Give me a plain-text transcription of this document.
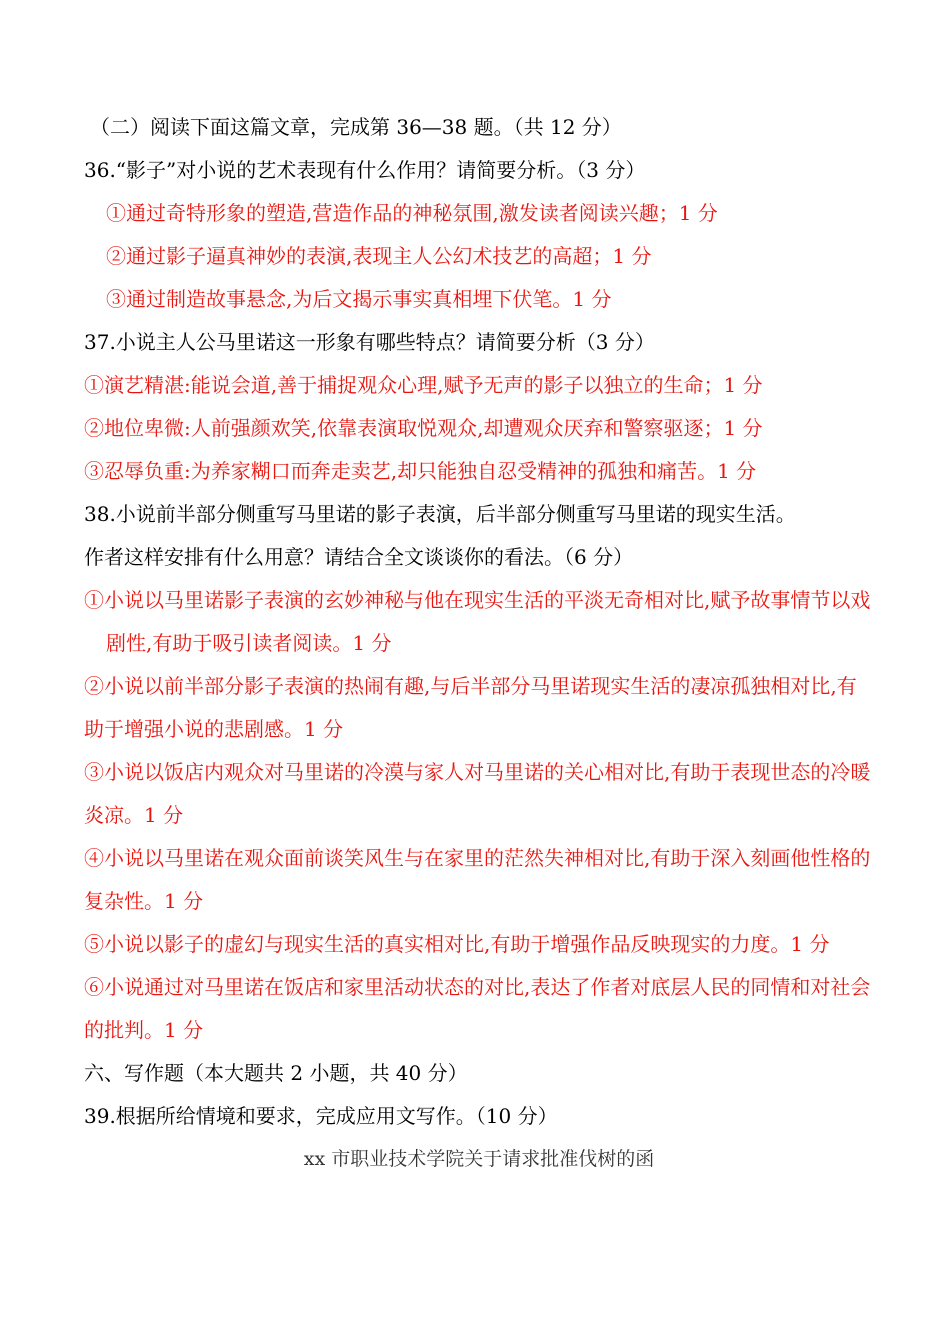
（二）阅读下面这篇文章，完成第 36—38 题。（共 12 分）
36.“影子”对小说的艺术表现有什么作用？请简要分析。（3 分）
①通过奇特形象的塑造,营造作品的神秘氛围,激发读者阅读兴趣；1 分
②通过影子逼真神妙的表演,表现主人公幻术技艺的高超；1 分
③通过制造故事悬念,为后文揭示事实真相埋下伏笔。1 分
37.小说主人公马里诺这一形象有哪些特点？请简要分析（3 分）
①演艺精湛:能说会道,善于捕捉观众心理,赋予无声的影子以独立的生命；1 分
②地位卑微:人前强颜欢笑,依靠表演取悦观众,却遭观众厌弃和警察驱逐；1 分
③忍辱负重:为养家糊口而奔走卖艺,却只能独自忍受精神的孤独和痛苦。1 分
38.小说前半部分侧重写马里诺的影子表演，后半部分侧重写马里诺的现实生活。
作者这样安排有什么用意？请结合全文谈谈你的看法。（6 分）
①小说以马里诺影子表演的玄妙神秘与他在现实生活的平淡无奇相对比,赋予故事情节以戏剧性,有助于吸引读者阅读。1 分
②小说以前半部分影子表演的热闹有趣,与后半部分马里诺现实生活的凄凉孤独相对比,有助于增强小说的悲剧感。1 分
③小说以饭店内观众对马里诺的冷漠与家人对马里诺的关心相对比,有助于表现世态的冷暖炎凉。1 分
④小说以马里诺在观众面前谈笑风生与在家里的茫然失神相对比,有助于深入刻画他性格的复杂性。1 分
⑤小说以影子的虚幻与现实生活的真实相对比,有助于增强作品反映现实的力度。1 分
⑥小说通过对马里诺在饭店和家里活动状态的对比,表达了作者对底层人民的同情和对社会的批判。1 分
六、写作题（本大题共 2 小题，共 40 分）
39.根据所给情境和要求，完成应用文写作。（10 分）
xx 市职业技术学院关于请求批准伐树的函
